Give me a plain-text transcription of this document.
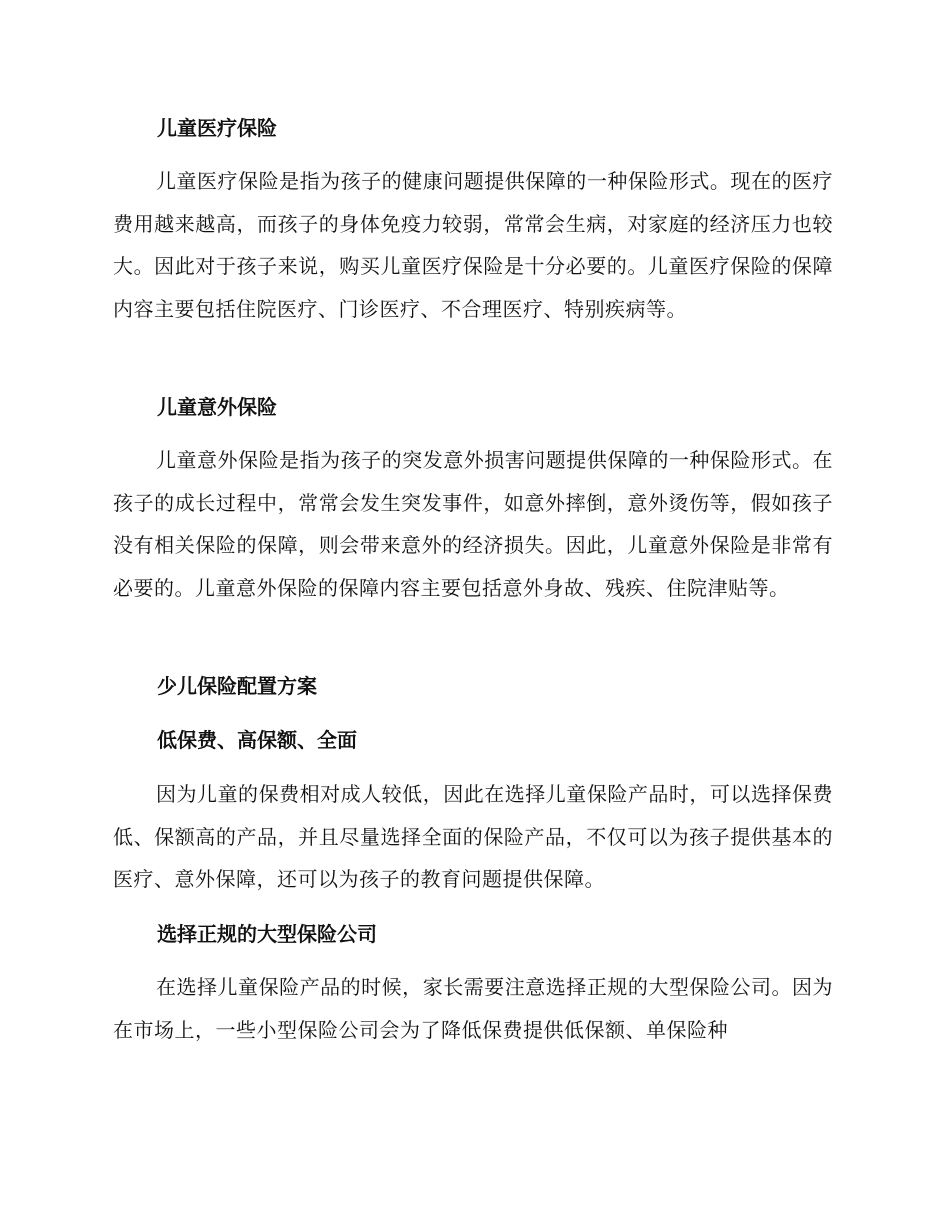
儿童医疗保险

儿童医疗保险是指为孩子的健康问题提供保障的一种保险形式。现在的医疗费用越来越高，而孩子的身体免疫力较弱，常常会生病，对家庭的经济压力也较大。因此对于孩子来说，购买儿童医疗保险是十分必要的。儿童医疗保险的保障内容主要包括住院医疗、门诊医疗、不合理医疗、特别疾病等。

儿童意外保险

儿童意外保险是指为孩子的突发意外损害问题提供保障的一种保险形式。在孩子的成长过程中，常常会发生突发事件，如意外摔倒，意外烫伤等，假如孩子没有相关保险的保障，则会带来意外的经济损失。因此，儿童意外保险是非常有必要的。儿童意外保险的保障内容主要包括意外身故、残疾、住院津贴等。

少儿保险配置方案
低保费、高保额、全面

因为儿童的保费相对成人较低，因此在选择儿童保险产品时，可以选择保费低、保额高的产品，并且尽量选择全面的保险产品，不仅可以为孩子提供基本的医疗、意外保障，还可以为孩子的教育问题提供保障。

选择正规的大型保险公司

在选择儿童保险产品的时候，家长需要注意选择正规的大型保险公司。因为在市场上，一些小型保险公司会为了降低保费提供低保额、单保险种
